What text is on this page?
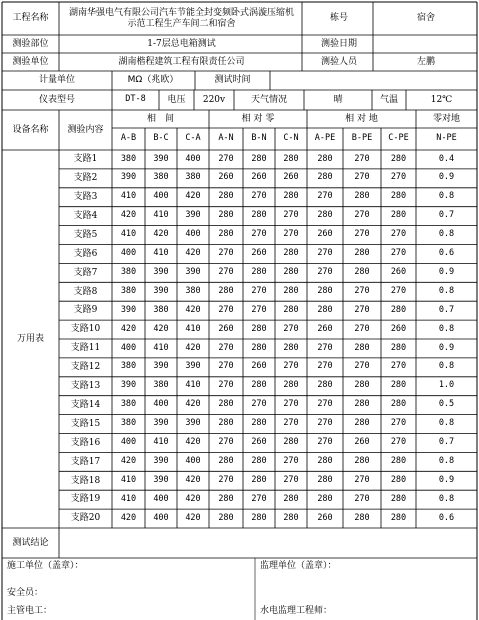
工程名称
湖南华强电气有限公司汽车节能全封变频卧式涡漩压缩机示范工程生产车间二和宿舍
栋号	宿舍
测验部位	1-7层总电箱测试	测验日期
测验单位	湖南楷程建筑工程有限责任公司	测验人员	左鹏
计量单位	MΩ（兆欧）	测试时间
仪表型号	DT-8	电压	220v	天气情况	晴	气温	12℃
设备名称	测验内容
相　间	相 对 零	相 对 地	零对地
A-B	B-C	C-A	A-N	B-N	C-N	A-PE	B-PE	C-PE	N-PE
万用表
支路1	380	390	400	270	280	280	280	270	280	0.4
支路2	390	380	380	260	260	260	280	270	270	0.9
支路3	410	400	420	280	270	280	270	280	280	0.8
支路4	420	410	390	280	280	270	280	270	280	0.7
支路5	410	420	400	280	270	270	260	270	270	0.8
支路6	400	410	420	270	260	280	270	280	270	0.6
支路7	380	390	390	270	280	280	270	280	260	0.9
支路8	380	390	380	280	270	280	280	270	270	0.8
支路9	390	380	420	270	270	280	280	270	280	0.7
支路10	420	420	410	260	280	270	260	270	260	0.8
支路11	400	410	420	270	280	280	270	280	280	0.9
支路12	380	390	390	270	260	270	270	270	270	0.8
支路13	390	380	410	270	280	280	280	280	280	1.0
支路14	380	400	420	280	270	270	270	280	280	0.5
支路15	380	390	390	280	280	270	270	280	270	0.8
支路16	400	410	420	270	260	280	270	260	270	0.7
支路17	420	390	400	280	280	270	280	280	280	0.8
支路18	410	390	420	270	280	270	280	270	280	0.9
支路19	410	400	420	280	270	280	280	270	280	0.8
支路20	420	400	420	280	280	280	260	280	280	0.6
测试结论
施工单位（盖章）：	监理单位（盖章）：
安全员：
主管电工：	水电监理工程师：
